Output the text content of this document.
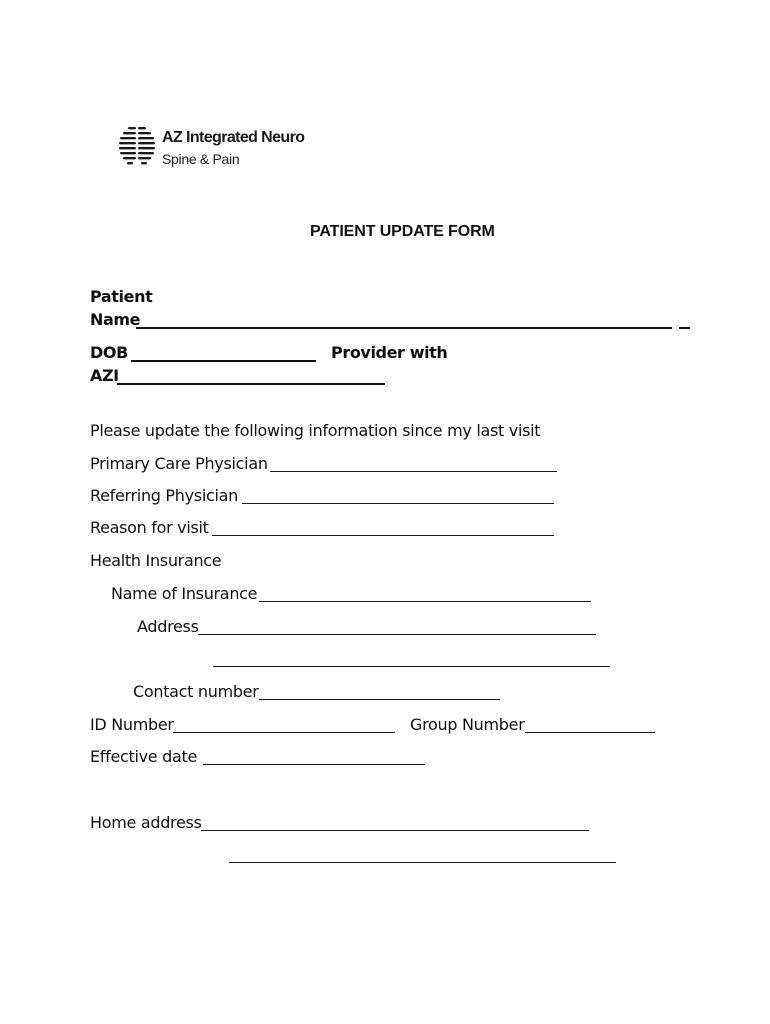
AZ Integrated Neuro
Spine & Pain
PATIENT UPDATE FORM
Patient
Name
DOB	Provider with
AZI
Please update the following information since my last visit
Primary Care Physician
Referring Physician
Reason for visit
Health Insurance
Name of Insurance
Address
Contact number
ID Number	Group Number
Effective date
Home address
